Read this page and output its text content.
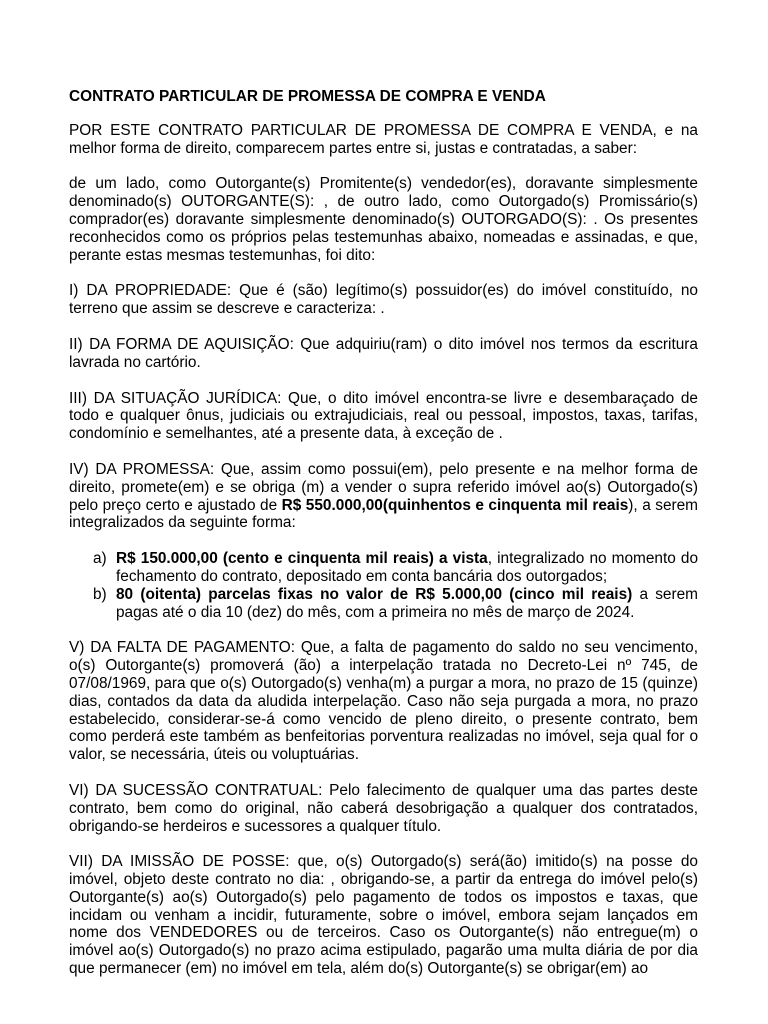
CONTRATO PARTICULAR DE PROMESSA DE COMPRA E VENDA

POR ESTE CONTRATO PARTICULAR DE PROMESSA DE COMPRA E VENDA, e na melhor forma de direito, comparecem partes entre si, justas e contratadas, a saber:

de um lado, como Outorgante(s) Promitente(s) vendedor(es), doravante simplesmente denominado(s) OUTORGANTE(S): , de outro lado, como Outorgado(s) Promissário(s) comprador(es) doravante simplesmente denominado(s) OUTORGADO(S): . Os presentes reconhecidos como os próprios pelas testemunhas abaixo, nomeadas e assinadas, e que, perante estas mesmas testemunhas, foi dito:

I) DA PROPRIEDADE: Que é (são) legítimo(s) possuidor(es) do imóvel constituído, no terreno que assim se descreve e caracteriza: .

II) DA FORMA DE AQUISIÇÃO: Que adquiriu(ram) o dito imóvel nos termos da escritura lavrada no cartório.

III) DA SITUAÇÃO JURÍDICA: Que, o dito imóvel encontra-se livre e desembaraçado de todo e qualquer ônus, judiciais ou extrajudiciais, real ou pessoal, impostos, taxas, tarifas, condomínio e semelhantes, até a presente data, à exceção de .

IV) DA PROMESSA: Que, assim como possui(em), pelo presente e na melhor forma de direito, promete(em) e se obriga (m) a vender o supra referido imóvel ao(s) Outorgado(s) pelo preço certo e ajustado de R$ 550.000,00(quinhentos e cinquenta mil reais), a serem integralizados da seguinte forma:

a) R$ 150.000,00 (cento e cinquenta mil reais) a vista, integralizado no momento do fechamento do contrato, depositado em conta bancária dos outorgados;
b) 80 (oitenta) parcelas fixas no valor de R$ 5.000,00 (cinco mil reais) a serem pagas até o dia 10 (dez) do mês, com a primeira no mês de março de 2024.

V) DA FALTA DE PAGAMENTO: Que, a falta de pagamento do saldo no seu vencimento, o(s) Outorgante(s) promoverá (ão) a interpelação tratada no Decreto-Lei nº 745, de 07/08/1969, para que o(s) Outorgado(s) venha(m) a purgar a mora, no prazo de 15 (quinze) dias, contados da data da aludida interpelação. Caso não seja purgada a mora, no prazo estabelecido, considerar-se-á como vencido de pleno direito, o presente contrato, bem como perderá este também as benfeitorias porventura realizadas no imóvel, seja qual for o valor, se necessária, úteis ou voluptuárias.

VI) DA SUCESSÃO CONTRATUAL: Pelo falecimento de qualquer uma das partes deste contrato, bem como do original, não caberá desobrigação a qualquer dos contratados, obrigando-se herdeiros e sucessores a qualquer título.

VII) DA IMISSÃO DE POSSE: que, o(s) Outorgado(s) será(ão) imitido(s) na posse do imóvel, objeto deste contrato no dia: , obrigando-se, a partir da entrega do imóvel pelo(s) Outorgante(s) ao(s) Outorgado(s) pelo pagamento de todos os impostos e taxas, que incidam ou venham a incidir, futuramente, sobre o imóvel, embora sejam lançados em nome dos VENDEDORES ou de terceiros. Caso os Outorgante(s) não entregue(m) o imóvel ao(s) Outorgado(s) no prazo acima estipulado, pagarão uma multa diária de por dia que permanecer (em) no imóvel em tela, além do(s) Outorgante(s) se obrigar(em) ao
